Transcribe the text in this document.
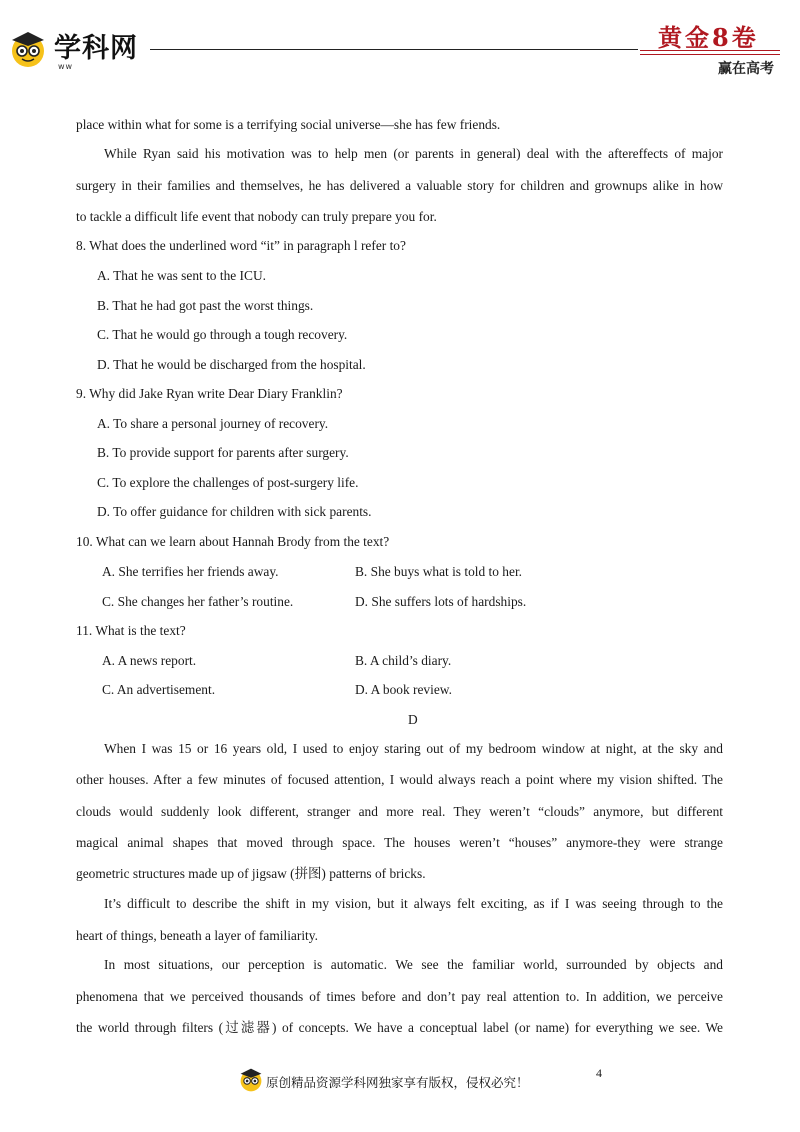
学科网
ww
黄金8卷
赢在高考
place within what for some is a terrifying social universe—she has few friends.
While Ryan said his motivation was to help men (or parents in general) deal with the aftereffects of major
surgery in their families and themselves, he has delivered a valuable story for children and grownups alike in how
to tackle a difficult life event that nobody can truly prepare you for.
8. What does the underlined word “it” in paragraph l refer to?
A. That he was sent to the ICU.
B. That he had got past the worst things.
C. That he would go through a tough recovery.
D. That he would be discharged from the hospital.
9. Why did Jake Ryan write Dear Diary Franklin?
A. To share a personal journey of recovery.
B. To provide support for parents after surgery.
C. To explore the challenges of post-surgery life.
D. To offer guidance for children with sick parents.
10. What can we learn about Hannah Brody from the text?
A. She terrifies her friends away.	B. She buys what is told to her.
C. She changes her father’s routine.	D. She suffers lots of hardships.
11. What is the text?
A. A news report.	B. A child’s diary.
C. An advertisement.	D. A book review.
D
When I was 15 or 16 years old, I used to enjoy staring out of my bedroom window at night, at the sky and
other houses. After a few minutes of focused attention, I would always reach a point where my vision shifted. The
clouds would suddenly look different, stranger and more real. They weren’t “clouds” anymore, but different
magical animal shapes that moved through space. The houses weren’t “houses” anymore-they were strange
geometric structures made up of jigsaw (拼图) patterns of bricks.
It’s difficult to describe the shift in my vision, but it always felt exciting, as if I was seeing through to the
heart of things, beneath a layer of familiarity.
In most situations, our perception is automatic. We see the familiar world, surrounded by objects and
phenomena that we perceived thousands of times before and don’t pay real attention to. In addition, we perceive
the world through filters (过滤器) of concepts. We have a conceptual label (or name) for everything we see. We
原创精品资源学科网独家享有版权，侵权必究！
4
